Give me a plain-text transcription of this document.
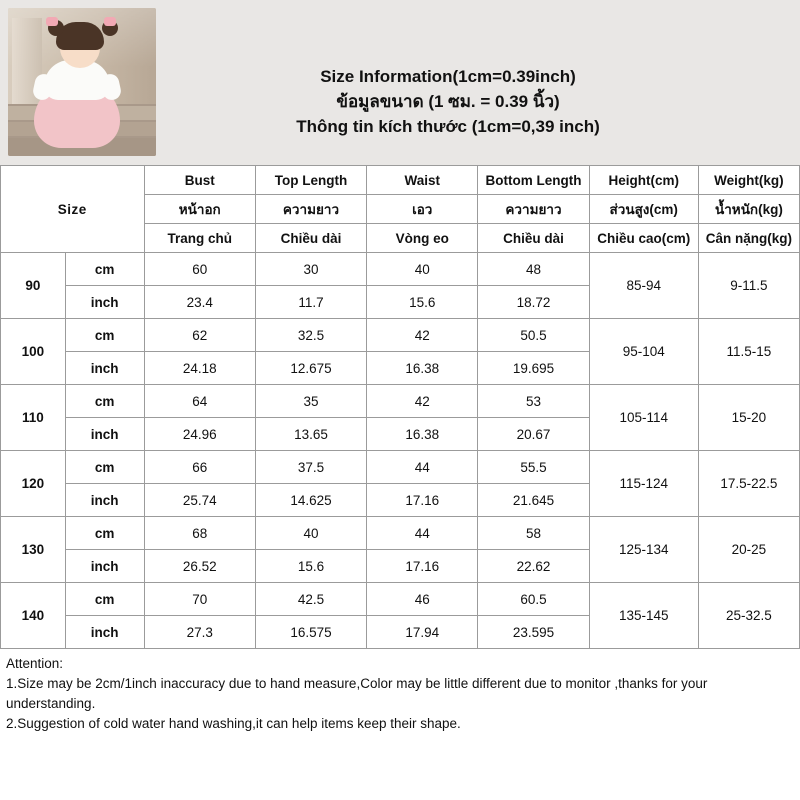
Size Information(1cm=0.39inch)
ข้อมูลขนาด (1 ซม. = 0.39 นิ้ว)
Thông tin kích thước (1cm=0,39 inch)
Size		Bust	Top Length	Waist	Bottom Length	Height(cm)	Weight(kg)
		หน้าอก	ความยาว	เอว	ความยาว	ส่วนสูง(cm)	น้ำหนัก(kg)
		Trang chủ	Chiều dài	Vòng eo	Chiều dài	Chiều cao(cm)	Cân nặng(kg)
90	cm	60	30	40	48	85-94	9-11.5
	inch	23.4	11.7	15.6	18.72		
100	cm	62	32.5	42	50.5	95-104	11.5-15
	inch	24.18	12.675	16.38	19.695		
110	cm	64	35	42	53	105-114	15-20
	inch	24.96	13.65	16.38	20.67		
120	cm	66	37.5	44	55.5	115-124	17.5-22.5
	inch	25.74	14.625	17.16	21.645		
130	cm	68	40	44	58	125-134	20-25
	inch	26.52	15.6	17.16	22.62		
140	cm	70	42.5	46	60.5	135-145	25-32.5
	inch	27.3	16.575	17.94	23.595		
Attention:
1.Size may be 2cm/1inch inaccuracy due to hand measure,Color may be little different due to monitor ,thanks for your understanding.
2.Suggestion of cold water hand washing,it can help items keep their shape.
